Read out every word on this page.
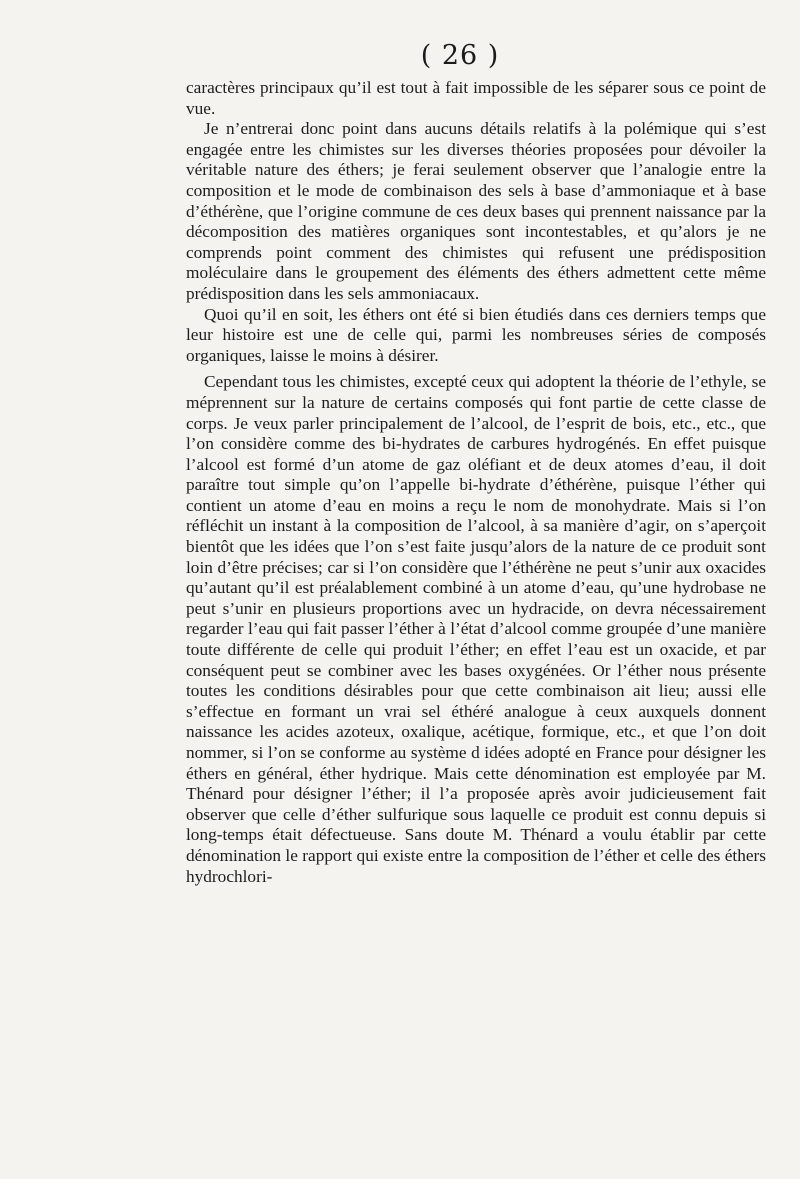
( 26 )

caractères principaux qu’il est tout à fait impossible de les séparer sous ce point de vue.

Je n’entrerai donc point dans aucuns détails relatifs à la polémique qui s’est engagée entre les chimistes sur les diverses théories proposées pour dévoiler la véritable nature des éthers; je ferai seulement observer que l’analogie entre la composition et le mode de combinaison des sels à base d’ammoniaque et à base d’éthérène, que l’origine commune de ces deux bases qui prennent naissance par la décomposition des matières organiques sont incontestables, et qu’alors je ne comprends point comment des chimistes qui refusent une prédisposition moléculaire dans le groupement des éléments des éthers admettent cette même prédisposition dans les sels ammoniacaux.

Quoi qu’il en soit, les éthers ont été si bien étudiés dans ces derniers temps que leur histoire est une de celle qui, parmi les nombreuses séries de composés organiques, laisse le moins à désirer.

Cependant tous les chimistes, excepté ceux qui adoptent la théorie de l’ethyle, se méprennent sur la nature de certains composés qui font partie de cette classe de corps. Je veux parler principalement de l’alcool, de l’esprit de bois, etc., etc., que l’on considère comme des bi-hydrates de carbures hydrogénés. En effet puisque l’alcool est formé d’un atome de gaz oléfiant et de deux atomes d’eau, il doit paraître tout simple qu’on l’appelle bi-hydrate d’éthérène, puisque l’éther qui contient un atome d’eau en moins a reçu le nom de monohydrate. Mais si l’on réfléchit un instant à la composition de l’alcool, à sa manière d’agir, on s’aperçoit bientôt que les idées que l’on s’est faite jusqu’alors de la nature de ce produit sont loin d’être précises; car si l’on considère que l’éthérène ne peut s’unir aux oxacides qu’autant qu’il est préalablement combiné à un atome d’eau, qu’une hydrobase ne peut s’unir en plusieurs proportions avec un hydracide, on devra nécessairement regarder l’eau qui fait passer l’éther à l’état d’alcool comme groupée d’une manière toute différente de celle qui produit l’éther; en effet l’eau est un oxacide, et par conséquent peut se combiner avec les bases oxygénées. Or l’éther nous présente toutes les conditions désirables pour que cette combinaison ait lieu; aussi elle s’effectue en formant un vrai sel éthéré analogue à ceux auxquels donnent naissance les acides azoteux, oxalique, acétique, formique, etc., et que l’on doit nommer, si l’on se conforme au système d idées adopté en France pour désigner les éthers en général, éther hydrique. Mais cette dénomination est employée par M. Thénard pour désigner l’éther; il l’a proposée après avoir judicieusement fait observer que celle d’éther sulfurique sous laquelle ce produit est connu depuis si long-temps était défectueuse. Sans doute M. Thénard a voulu établir par cette dénomination le rapport qui existe entre la composition de l’éther et celle des éthers hydrochlori-
